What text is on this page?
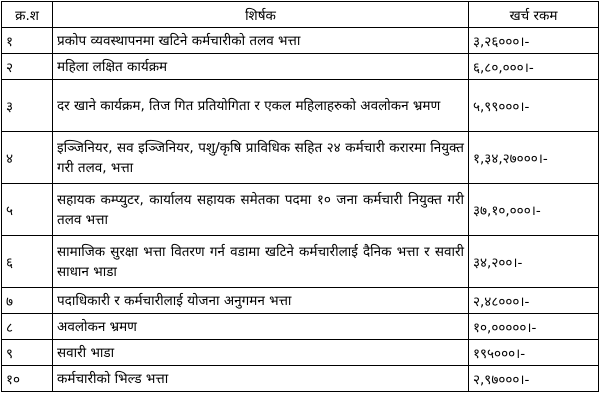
क्र.श	शिर्षक	खर्च रकम
१	प्रकोप व्यवस्थापनमा खटिने कर्मचारीको तलव भत्ता	३,२६०००।-
२	महिला लक्षित कार्यक्रम	६,८०,०००।-
३	दर खाने कार्यक्रम, तिज गित प्रतियोगिता र एकल महिलाहरुको अवलोकन भ्रमण	५,९९०००।-
४	इञ्जिनियर, सव इञ्जिनियर, पशु/कृषि प्राविधिक सहित २४ कर्मचारी करारमा नियुक्त गरी तलव, भत्ता	१,३४,२७०००।-
५	सहायक कम्प्युटर, कार्यालय सहायक समेतका पदमा १० जना कर्मचारी नियुक्त गरी तलव भत्ता	३७,१०,०००।-
६	सामाजिक सुरक्षा भत्ता वितरण गर्न वडामा खटिने कर्मचारीलाई दैनिक भत्ता र सवारी साधान भाडा	३४,२००।-
७	पदाधिकारी र कर्मचारीलाई योजना अनुगमन भत्ता	२,४८०००।-
८	अवलोकन भ्रमण	१०,०००००।-
९	सवारी भाडा	१९५०००।-
१०	कर्मचारीको भिल्ड भत्ता	२,९७०००।-
